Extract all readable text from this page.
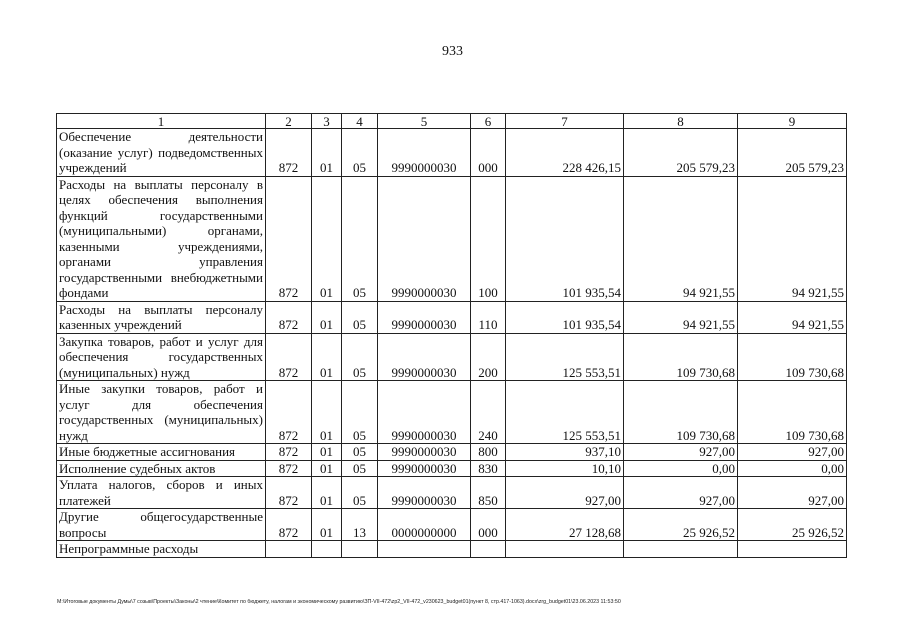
933
1	2	3	4	5	6	7	8	9
Обеспечение деятельности (оказание услуг) подведомственных учреждений	872	01	05	9990000030	000	228 426,15	205 579,23	205 579,23
Расходы на выплаты персоналу в целях обеспечения выполнения функций государственными (муниципальными) органами, казенными учреждениями, органами управления государственными внебюджетными фондами	872	01	05	9990000030	100	101 935,54	94 921,55	94 921,55
Расходы на выплаты персоналу казенных учреждений	872	01	05	9990000030	110	101 935,54	94 921,55	94 921,55
Закупка товаров, работ и услуг для обеспечения государственных (муниципальных) нужд	872	01	05	9990000030	200	125 553,51	109 730,68	109 730,68
Иные закупки товаров, работ и услуг для обеспечения государственных (муниципальных) нужд	872	01	05	9990000030	240	125 553,51	109 730,68	109 730,68
Иные бюджетные ассигнования	872	01	05	9990000030	800	937,10	927,00	927,00
Исполнение судебных актов	872	01	05	9990000030	830	10,10	0,00	0,00
Уплата налогов, сборов и иных платежей	872	01	05	9990000030	850	927,00	927,00	927,00
Другие общегосударственные вопросы	872	01	13	0000000000	000	27 128,68	25 926,52	25 926,52
Непрограммные расходы								
M:\Итоговые документы Думы\7 созыв\Проекты\Законы\2 чтение\Комитет по бюджету, налогам и экономическому развитию\ЗП-VII-472\zp2_VII-472_v230623_budget01(пункт 8, стр.417-1063).docx\zrg_budget01\23.06.2023 11:53:50
